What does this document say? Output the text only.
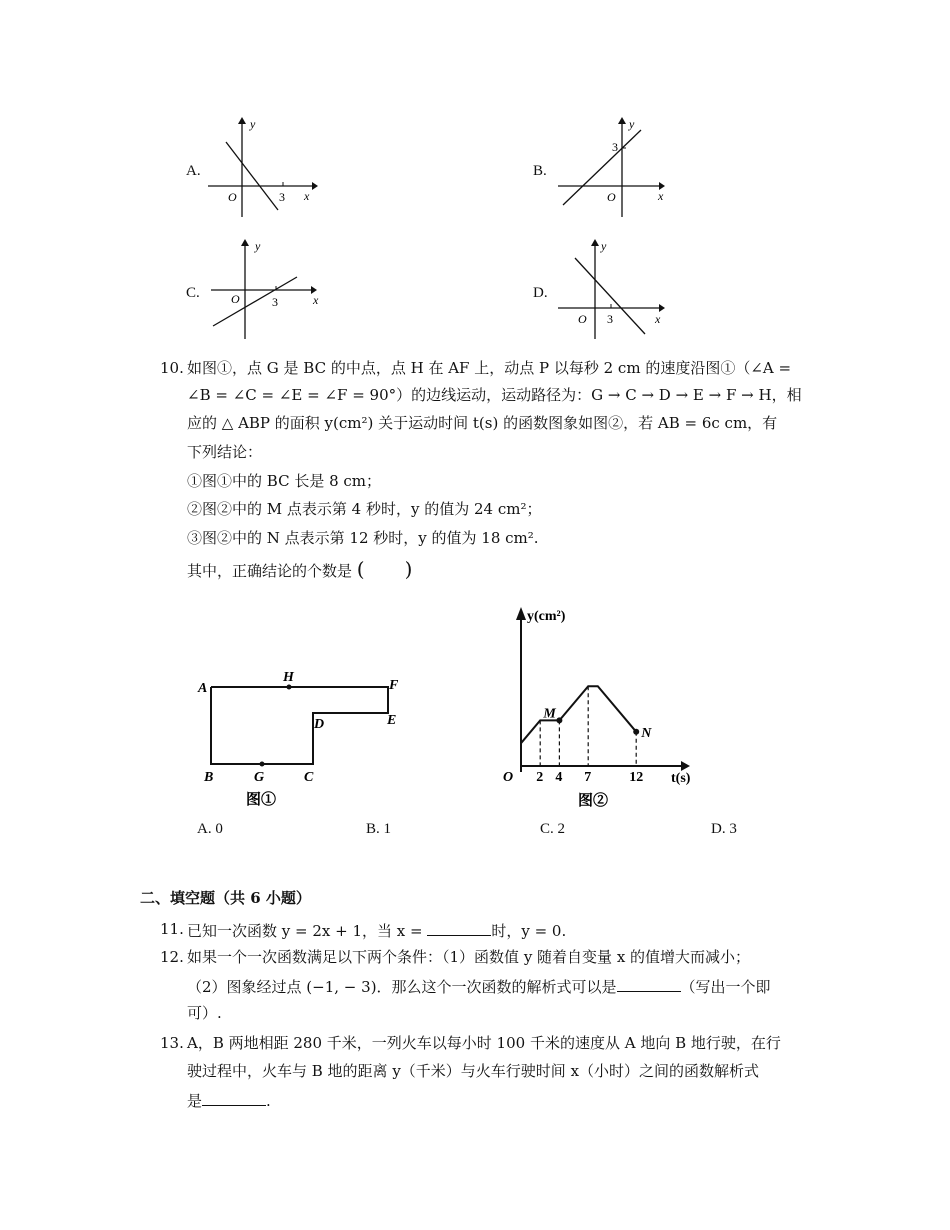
A.
y
x
O	3
B.
y
x
O
3
C.
y
x
O	3
D.
y
x
O 3
10. 如图①，点 G 是 BC 的中点，点 H 在 AF 上，动点 P 以每秒 2 cm 的速度沿图①（∠A =
∠B = ∠C = ∠E = ∠F = 90°）的边线运动，运动路径为：G → C → D → E → F → H，相
应的 △ ABP 的面积 y(cm²) 关于运动时间 t(s) 的函数图象如图②，若 AB = 6c cm，有
下列结论：
①图①中的 BC 长是 8 cm；
②图②中的 M 点表示第 4 秒时，y 的值为 24 cm²；
③图②中的 N 点表示第 12 秒时，y 的值为 18 cm².
其中，正确结论的个数是 (　　)
A
H
F
E
D
B	G	C
图①
y(cm²)
t(s)
O 2 4 7	12
M
N
图②
A. 0	B. 1	C. 2	D. 3
二、填空题（共 6 小题）
11. 已知一次函数 y = 2x + 1，当 x =	时，y = 0.
12. 如果一个一次函数满足以下两个条件：（1）函数值 y 随着自变量 x 的值增大而减小；
（2）图象经过点 (−1, − 3)．那么这个一次函数的解析式可以是	（写出一个即
可）.
13. A，B 两地相距 280 千米，一列火车以每小时 100 千米的速度从 A 地向 B 地行驶，在行
驶过程中，火车与 B 地的距离 y（千米）与火车行驶时间 x（小时）之间的函数解析式
是	.
